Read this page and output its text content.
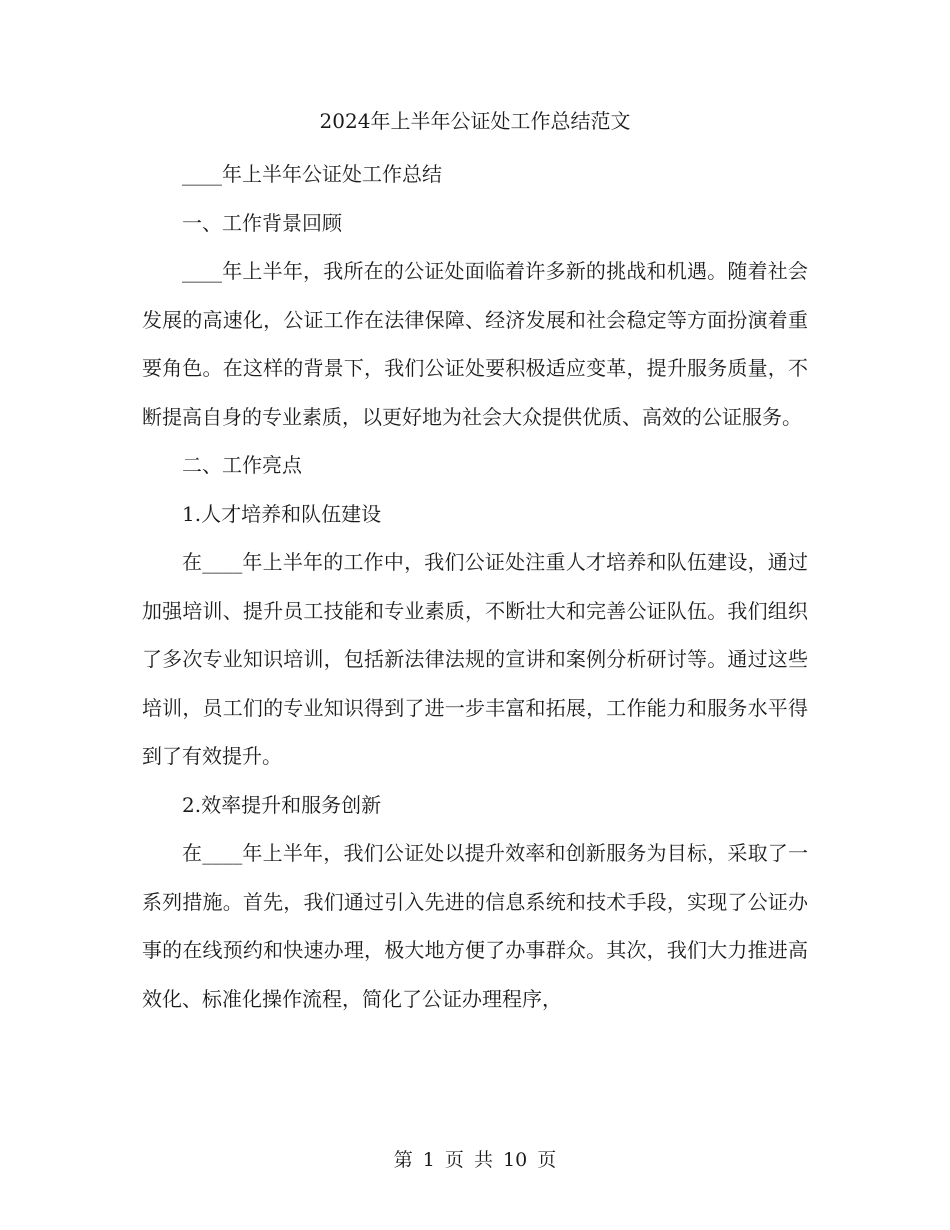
2024年上半年公证处工作总结范文

____年上半年公证处工作总结

一、工作背景回顾

____年上半年，我所在的公证处面临着许多新的挑战和机遇。随着社会发展的高速化，公证工作在法律保障、经济发展和社会稳定等方面扮演着重要角色。在这样的背景下，我们公证处要积极适应变革，提升服务质量，不断提高自身的专业素质，以更好地为社会大众提供优质、高效的公证服务。

二、工作亮点

1.人才培养和队伍建设

在____年上半年的工作中，我们公证处注重人才培养和队伍建设，通过加强培训、提升员工技能和专业素质，不断壮大和完善公证队伍。我们组织了多次专业知识培训，包括新法律法规的宣讲和案例分析研讨等。通过这些培训，员工们的专业知识得到了进一步丰富和拓展，工作能力和服务水平得到了有效提升。

2.效率提升和服务创新

在____年上半年，我们公证处以提升效率和创新服务为目标，采取了一系列措施。首先，我们通过引入先进的信息系统和技术手段，实现了公证办事的在线预约和快速办理，极大地方便了办事群众。其次，我们大力推进高效化、标准化操作流程，简化了公证办理程序，

第 1 页 共 10 页
